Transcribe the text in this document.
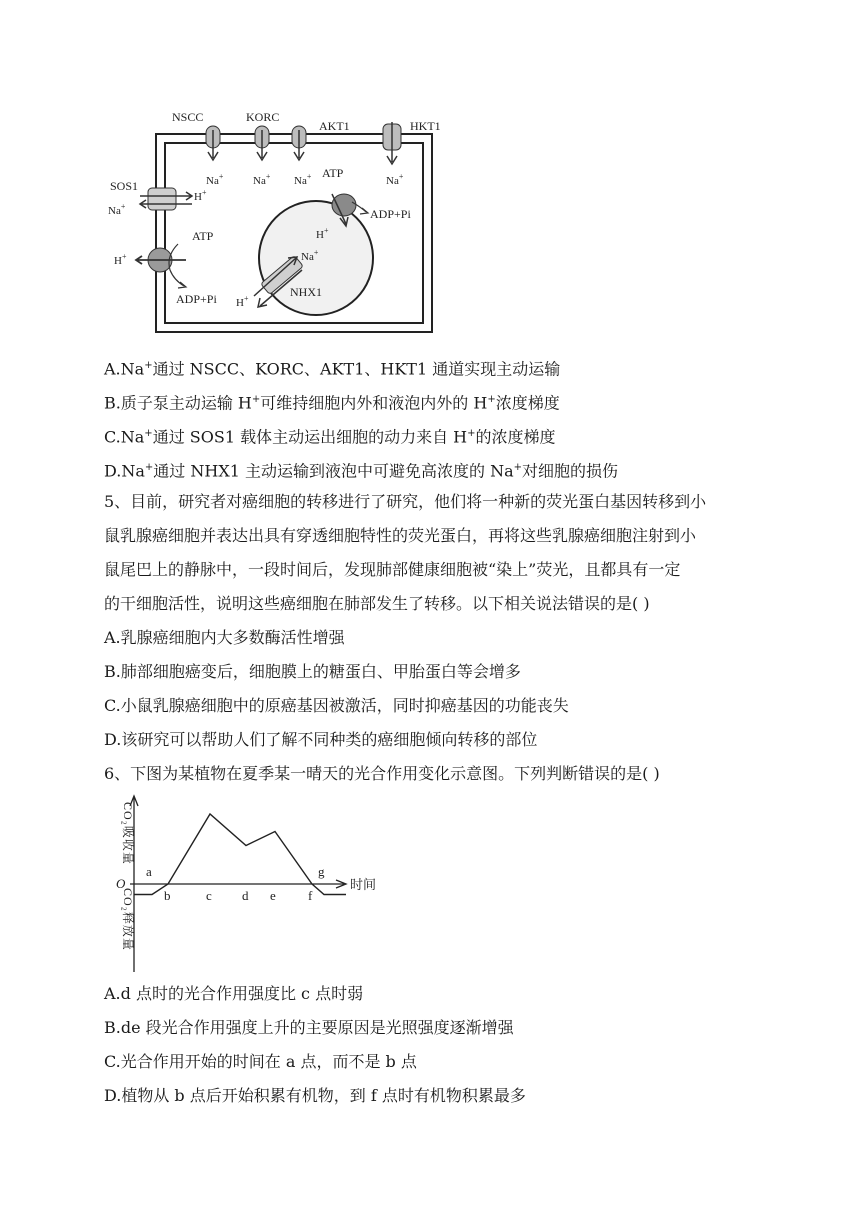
NSCC	KORC
AKT1	HKT1
Na+	Na+ Na+	Na+
SOS1
H+
Na+
ATP
H+
ADP+Pi
ATP
ADP+Pi
H+
Na+
H+	NHX1
A.Na+通过 NSCC、KORC、AKT1、HKT1 通道实现主动运输
B.质子泵主动运输 H+可维持细胞内外和液泡内外的 H+浓度梯度
C.Na+通过 SOS1 载体主动运出细胞的动力来自 H+的浓度梯度
D.Na+通过 NHX1 主动运输到液泡中可避免高浓度的 Na+对细胞的损伤
5、目前，研究者对癌细胞的转移进行了研究，他们将一种新的荧光蛋白基因转移到小
鼠乳腺癌细胞并表达出具有穿透细胞特性的荧光蛋白，再将这些乳腺癌细胞注射到小
鼠尾巴上的静脉中，一段时间后，发现肺部健康细胞被“染上”荧光，且都具有一定
的干细胞活性，说明这些癌细胞在肺部发生了转移。以下相关说法错误的是( )
A.乳腺癌细胞内大多数酶活性增强
B.肺部细胞癌变后，细胞膜上的糖蛋白、甲胎蛋白等会增多
C.小鼠乳腺癌细胞中的原癌基因被激活，同时抑癌基因的功能丧失
D.该研究可以帮助人们了解不同种类的癌细胞倾向转移的部位
6、下图为某植物在夏季某一晴天的光合作用变化示意图。下列判断错误的是( )
时间
O
CO₂吸收量
CO₂释放量
a
b	c d e f
g
A.d 点时的光合作用强度比 c 点时弱
B.de 段光合作用强度上升的主要原因是光照强度逐渐增强
C.光合作用开始的时间在 a 点，而不是 b 点
D.植物从 b 点后开始积累有机物，到 f 点时有机物积累最多
